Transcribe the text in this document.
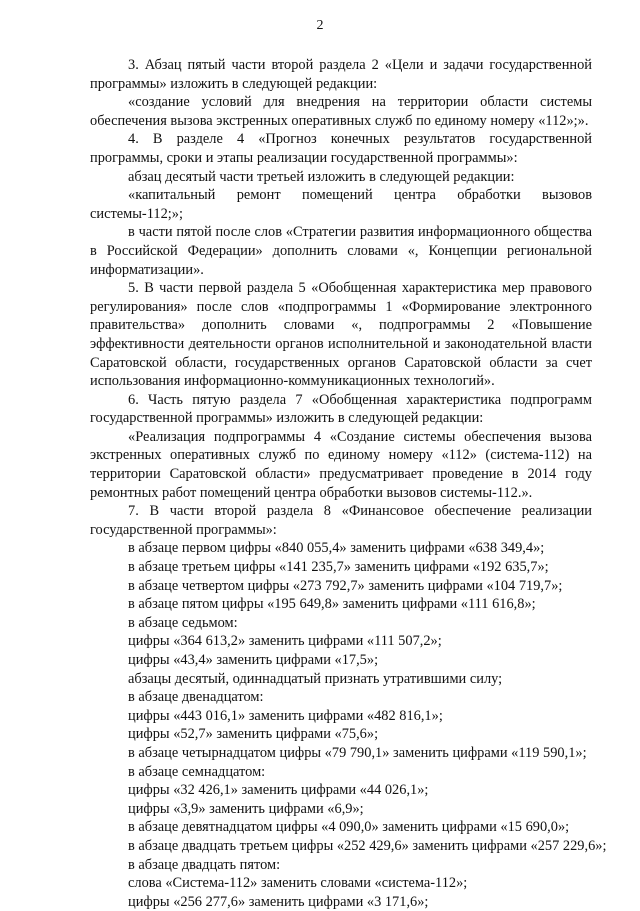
2

3. Абзац пятый части второй раздела 2 «Цели и задачи государственной программы» изложить в следующей редакции:

«создание условий для внедрения на территории области системы обеспечения вызова экстренных оперативных служб по единому номеру «112»;».

4. В разделе 4 «Прогноз конечных результатов государственной программы, сроки и этапы реализации государственной программы»:

абзац десятый части третьей изложить в следующей редакции:

«капитальный ремонт помещений центра обработки вызовов системы-112;»;

в части пятой после слов «Стратегии развития информационного общества в Российской Федерации» дополнить словами «, Концепции региональной информатизации».

5. В части первой раздела 5 «Обобщенная характеристика мер правового регулирования» после слов «подпрограммы 1 «Формирование электронного правительства» дополнить словами «, подпрограммы 2 «Повышение эффективности деятельности органов исполнительной и законодательной власти Саратовской области, государственных органов Саратовской области за счет использования информационно-коммуникационных технологий».

6. Часть пятую раздела 7 «Обобщенная характеристика подпрограмм государственной программы» изложить в следующей редакции:

«Реализация подпрограммы 4 «Создание системы обеспечения вызова экстренных оперативных служб по единому номеру «112» (система-112) на территории Саратовской области» предусматривает проведение в 2014 году ремонтных работ помещений центра обработки вызовов системы-112.».

7. В части второй раздела 8 «Финансовое обеспечение реализации государственной программы»:

в абзаце первом цифры «840 055,4» заменить цифрами «638 349,4»;

в абзаце третьем цифры «141 235,7» заменить цифрами «192 635,7»;

в абзаце четвертом цифры «273 792,7» заменить цифрами «104 719,7»;

в абзаце пятом цифры «195 649,8» заменить цифрами «111 616,8»;

в абзаце седьмом:

цифры «364 613,2» заменить цифрами «111 507,2»;

цифры «43,4» заменить цифрами «17,5»;

абзацы десятый, одиннадцатый признать утратившими силу;

в абзаце двенадцатом:

цифры «443 016,1» заменить цифрами «482 816,1»;

цифры «52,7» заменить цифрами «75,6»;

в абзаце четырнадцатом цифры «79 790,1» заменить цифрами «119 590,1»;

в абзаце семнадцатом:

цифры «32 426,1» заменить цифрами «44 026,1»;

цифры «3,9» заменить цифрами «6,9»;

в абзаце девятнадцатом цифры «4 090,0» заменить цифрами «15 690,0»;

в абзаце двадцать третьем цифры «252 429,6» заменить цифрами «257 229,6»;

в абзаце двадцать пятом:

слова «Система-112» заменить словами «система-112»;

цифры «256 277,6» заменить цифрами «3 171,6»;
